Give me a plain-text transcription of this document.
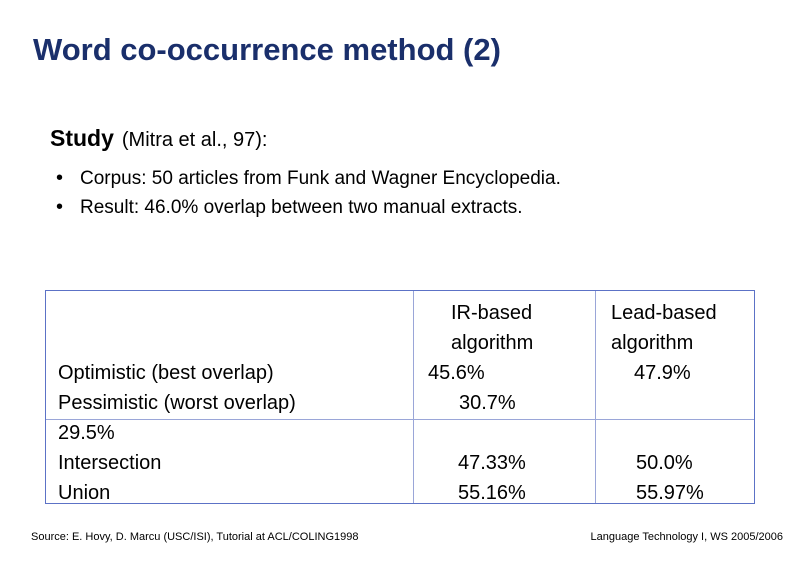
Word co-occurrence method (2)
Study (Mitra et al., 97):
• Corpus: 50 articles from Funk and Wagner Encyclopedia.
• Result: 46.0% overlap between two manual extracts.
Optimistic (best overlap)
Pessimistic (worst overlap)
29.5%
Intersection
Union
IR-based
algorithm
45.6%
30.7%
47.33%
55.16%
Lead-based
algorithm
47.9%
50.0%
55.97%
Source: E. Hovy, D. Marcu (USC/ISI), Tutorial at ACL/COLING1998	Language Technology I, WS 2005/2006
